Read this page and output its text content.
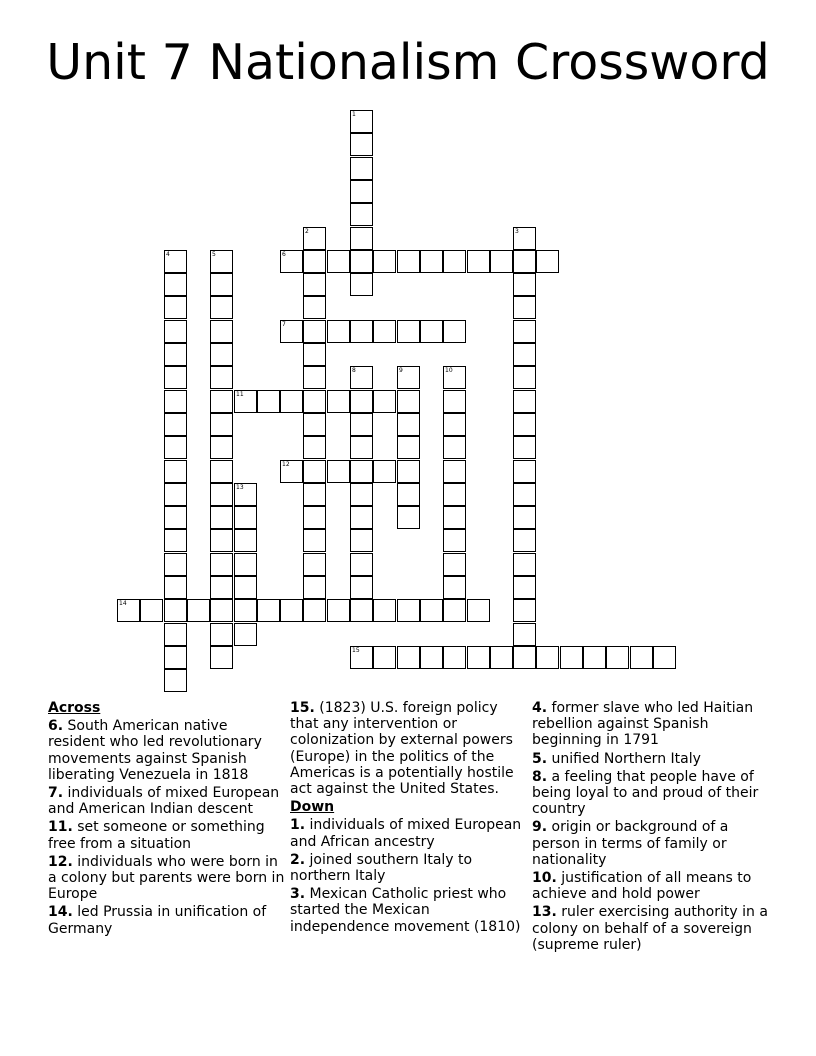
Unit 7 Nationalism Crossword
1
2	3
4	5	6
7
8	9	10
11
12
13
14
15
Across
6. South American native resident who led revolutionary movements against Spanish liberating Venezuela in 1818
7. individuals of mixed European and American Indian descent
11. set someone or something free from a situation
12. individuals who were born in a colony but parents were born in Europe
14. led Prussia in unification of Germany
15. (1823) U.S. foreign policy that any intervention or colonization by external powers (Europe) in the politics of the Americas is a potentially hostile act against the United States.
Down
1. individuals of mixed European and African ancestry
2. joined southern Italy to northern Italy
3. Mexican Catholic priest who started the Mexican independence movement (1810)
4. former slave who led Haitian rebellion against Spanish beginning in 1791
5. unified Northern Italy
8. a feeling that people have of being loyal to and proud of their country
9. origin or background of a person in terms of family or nationality
10. justification of all means to achieve and hold power
13. ruler exercising authority in a colony on behalf of a sovereign (supreme ruler)
